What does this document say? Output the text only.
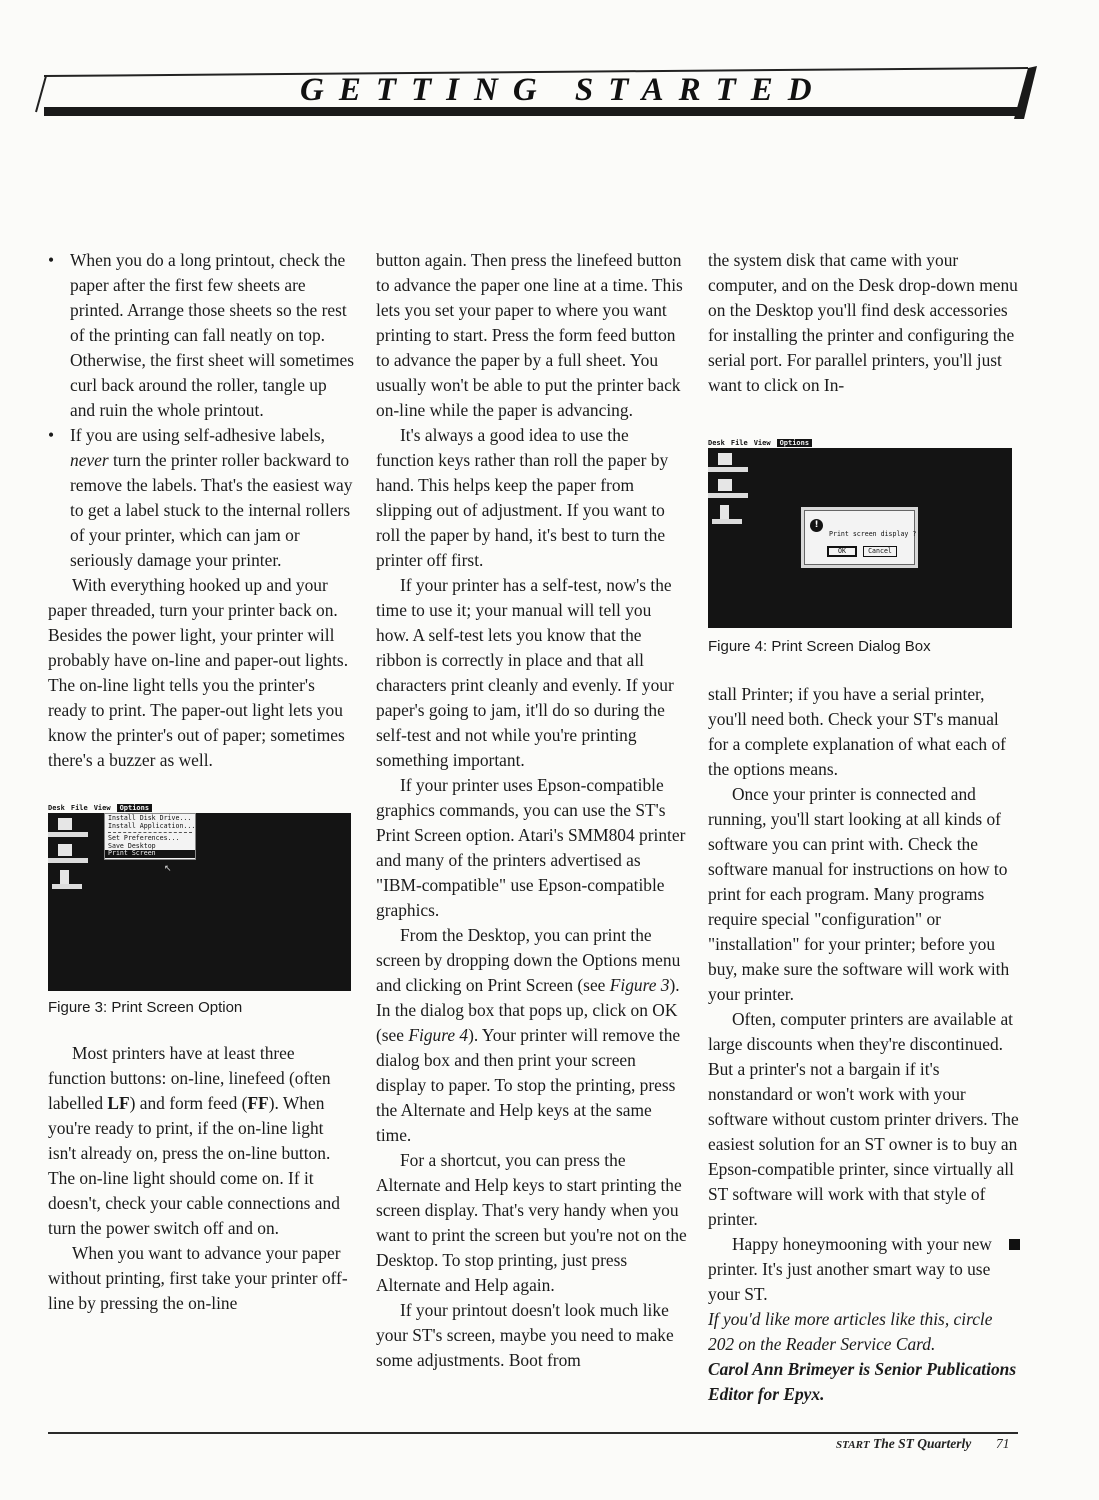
GETTING STARTED

• When you do a long printout, check the paper after the first few sheets are printed. Arrange those sheets so the rest of the printing can fall neatly on top. Otherwise, the first sheet will sometimes curl back around the roller, tangle up and ruin the whole printout.

• If you are using self-adhesive labels, never turn the printer roller backward to remove the labels. That's the easiest way to get a label stuck to the internal rollers of your printer, which can jam or seriously damage your printer.

With everything hooked up and your paper threaded, turn your printer back on. Besides the power light, your printer will probably have on-line and paper-out lights. The on-line light tells you the printer's ready to print. The paper-out light lets you know the printer's out of paper; sometimes there's a buzzer as well.

Desk File View Options
Install Disk Drive...
Install Application...
Set Preferences...
Save Desktop
Print Screen
↖
Figure 3: Print Screen Option

Most printers have at least three function buttons: on-line, linefeed (often labelled LF) and form feed (FF). When you're ready to print, if the on-line light isn't already on, press the on-line button. The on-line light should come on. If it doesn't, check your cable connections and turn the power switch off and on.

When you want to advance your paper without printing, first take your printer off-line by pressing the on-line

button again. Then press the linefeed button to advance the paper one line at a time. This lets you set your paper to where you want printing to start. Press the form feed button to advance the paper by a full sheet. You usually won't be able to put the printer back on-line while the paper is advancing.

It's always a good idea to use the function keys rather than roll the paper by hand. This helps keep the paper from slipping out of adjustment. If you want to roll the paper by hand, it's best to turn the printer off first.

If your printer has a self-test, now's the time to use it; your manual will tell you how. A self-test lets you know that the ribbon is correctly in place and that all characters print cleanly and evenly. If your paper's going to jam, it'll do so during the self-test and not while you're printing something important.

If your printer uses Epson-compatible graphics commands, you can use the ST's Print Screen option. Atari's SMM804 printer and many of the printers advertised as "IBM-compatible" use Epson-compatible graphics.

From the Desktop, you can print the screen by dropping down the Options menu and clicking on Print Screen (see Figure 3). In the dialog box that pops up, click on OK (see Figure 4). Your printer will remove the dialog box and then print your screen display to paper. To stop the printing, press the Alternate and Help keys at the same time.

For a shortcut, you can press the Alternate and Help keys to start printing the screen display. That's very handy when you want to print the screen but you're not on the Desktop. To stop printing, just press Alternate and Help again.

If your printout doesn't look much like your ST's screen, maybe you need to make some adjustments. Boot from

the system disk that came with your computer, and on the Desk drop-down menu on the Desktop you'll find desk accessories for installing the printer and configuring the serial port. For parallel printers, you'll just want to click on In-

Desk File View Options
!
Print screen display ?
OK	Cancel
Figure 4: Print Screen Dialog Box

stall Printer; if you have a serial printer, you'll need both. Check your ST's manual for a complete explanation of what each of the options means.

Once your printer is connected and running, you'll start looking at all kinds of software you can print with. Check the software manual for instructions on how to print for each program. Many programs require special "configuration" or "installation" for your printer; before you buy, make sure the software will work with your printer.

Often, computer printers are available at large discounts when they're discontinued. But a printer's not a bargain if it's nonstandard or won't work with your software without custom printer drivers. The easiest solution for an ST owner is to buy an Epson-compatible printer, since virtually all ST software will work with that style of printer.

Happy honeymooning with your new printer. It's just another smart way to use your ST.

If you'd like more articles like this, circle 202 on the Reader Service Card.

Carol Ann Brimeyer is Senior Publications Editor for Epyx.

START The ST Quarterly 71
